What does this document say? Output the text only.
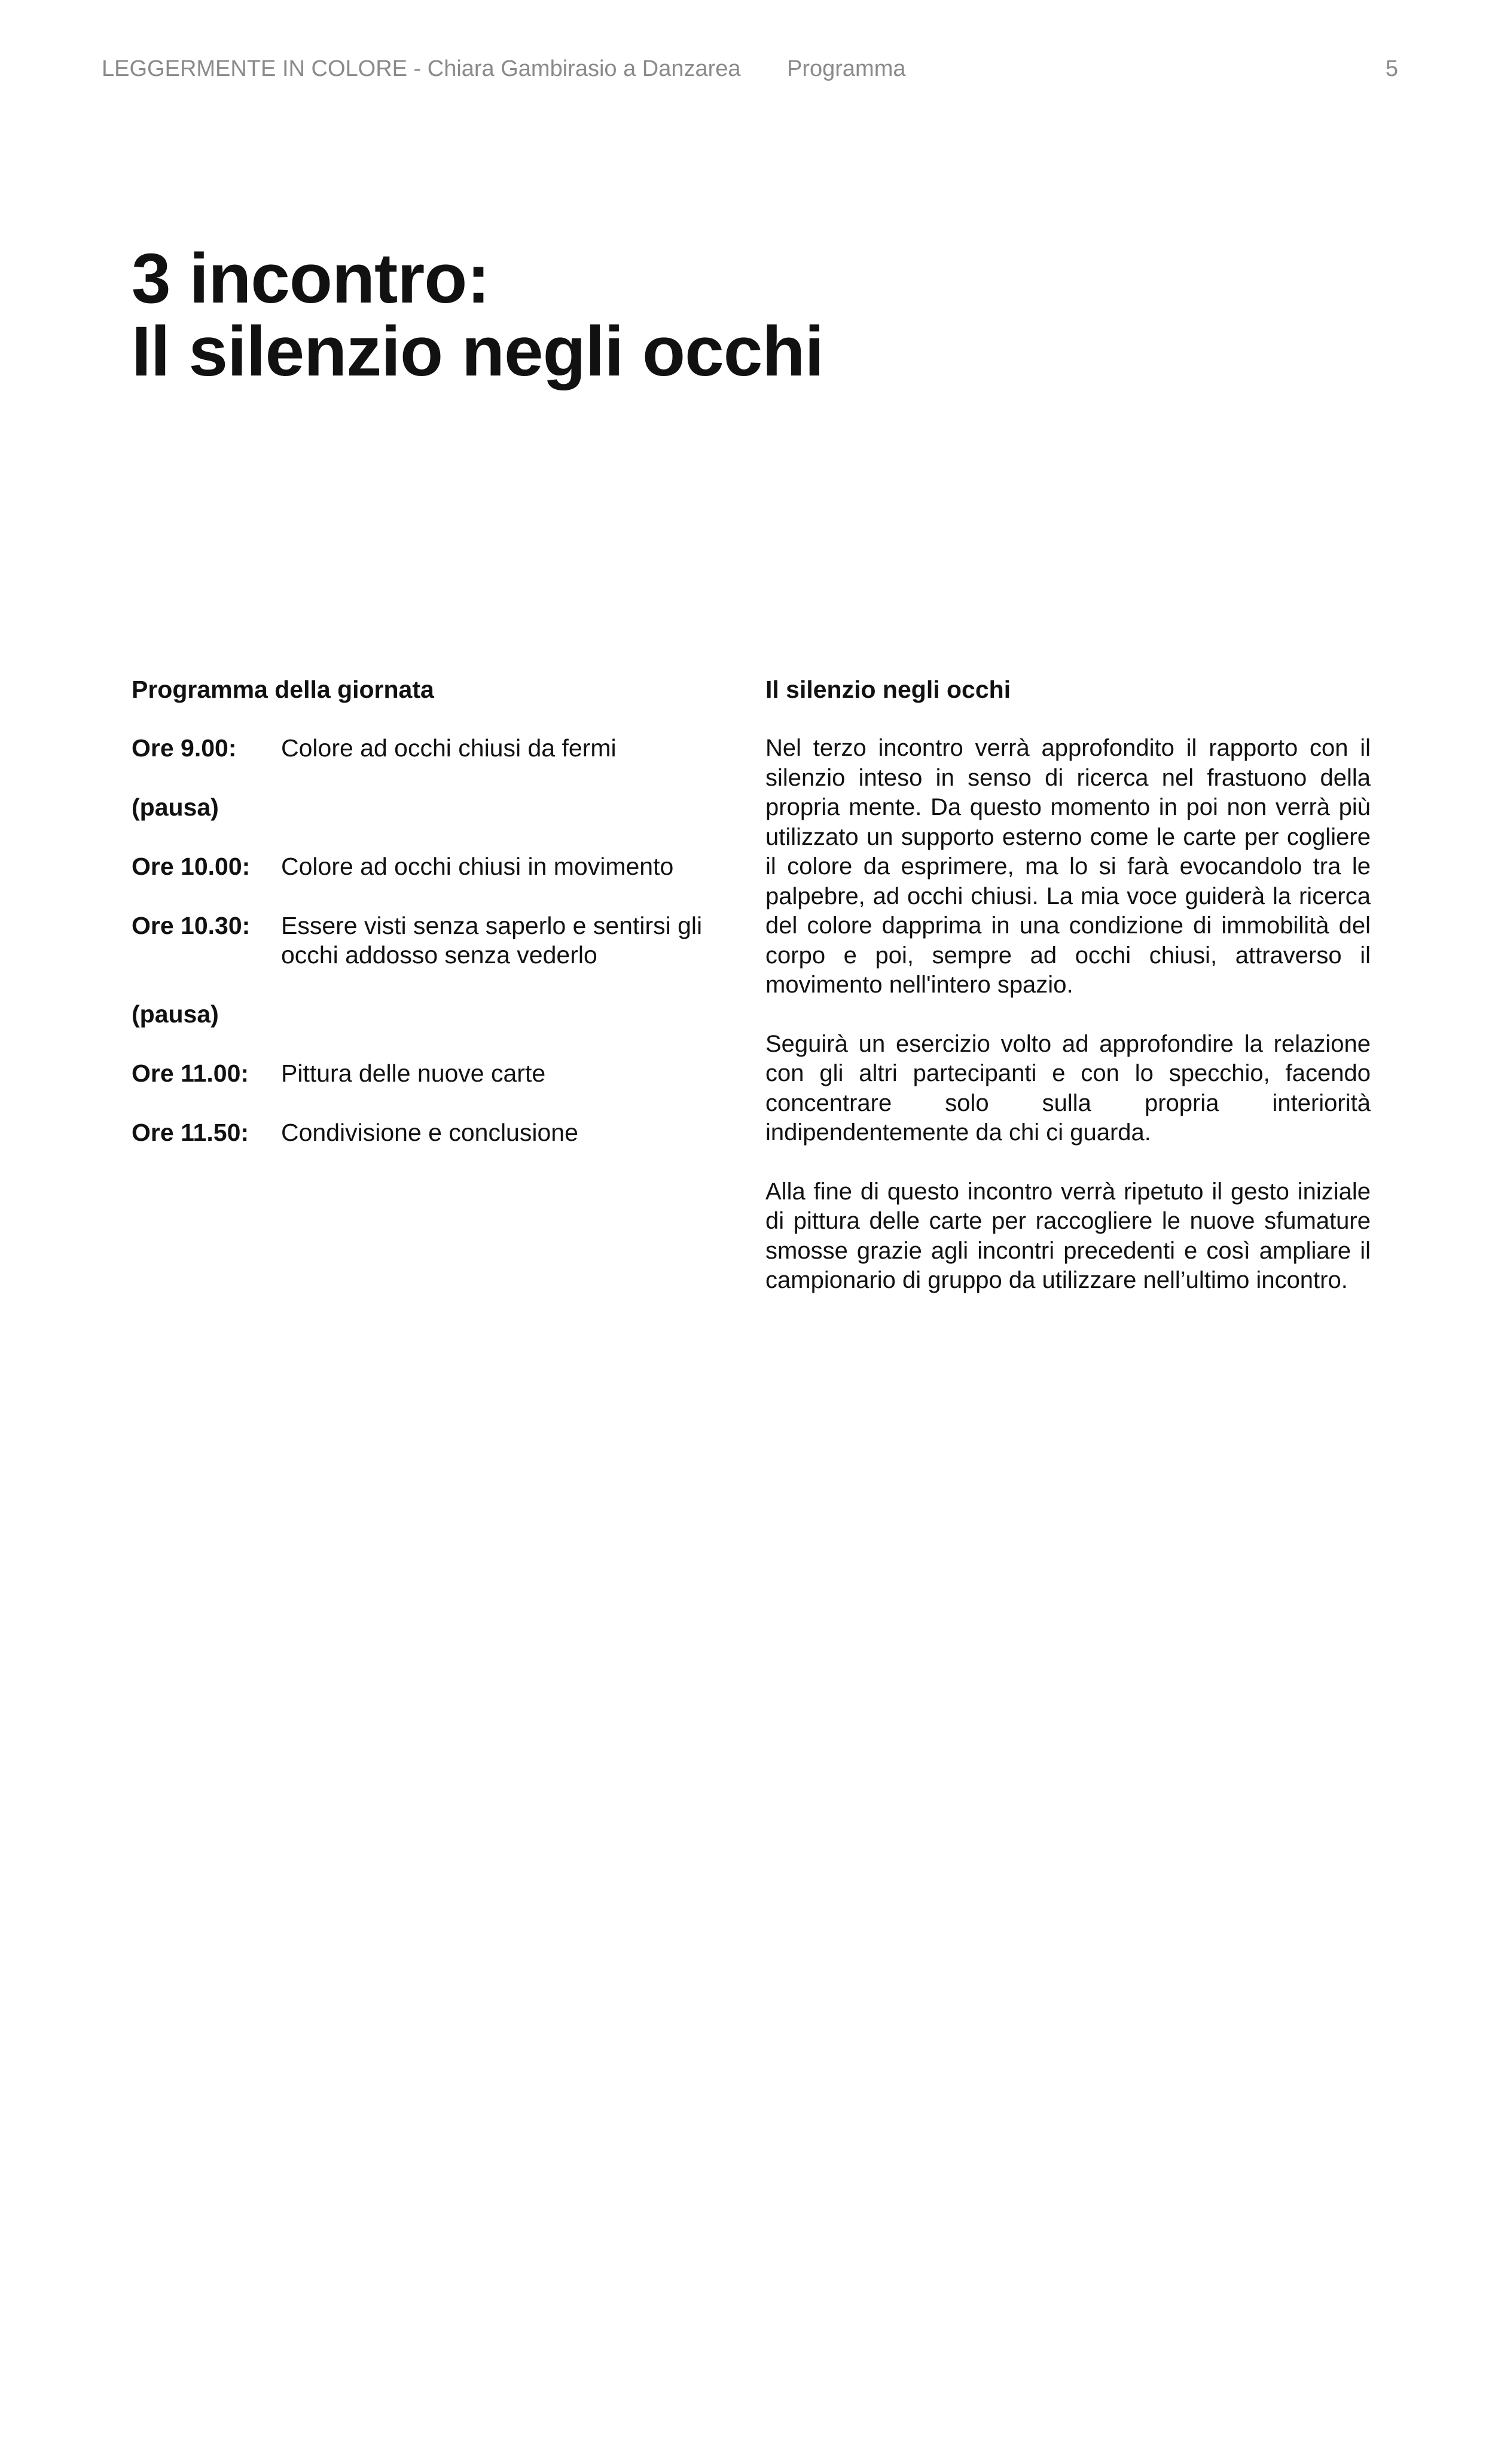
LEGGERMENTE IN COLORE - Chiara Gambirasio a Danzarea Programma	5
3 incontro:
Il silenzio negli occhi
Programma della giornata
Ore 9.00:	Colore ad occhi chiusi da fermi
(pausa)
Ore 10.00:	Colore ad occhi chiusi in movimento
Ore 10.30:	Essere visti senza saperlo e sentirsi gli occhi addosso senza vederlo
(pausa)
Ore 11.00:	Pittura delle nuove carte
Ore 11.50:	Condivisione e conclusione
Il silenzio negli occhi

Nel terzo incontro verrà approfondito il rapporto con il silenzio inteso in senso di ricerca nel frastuono della propria mente. Da questo momento in poi non verrà più utilizzato un supporto esterno come le carte per cogliere il colore da esprimere, ma lo si farà evocandolo tra le palpebre, ad occhi chiusi. La mia voce guiderà la ricerca del colore dapprima in una condizione di immobilità del corpo e poi, sempre ad occhi chiusi, attraverso il movimento nell'intero spazio.

Seguirà un esercizio volto ad approfondire la relazione con gli altri partecipanti e con lo specchio, facendo concentrare solo sulla propria interiorità indipendentemente da chi ci guarda.

Alla fine di questo incontro verrà ripetuto il gesto iniziale di pittura delle carte per raccogliere le nuove sfumature smosse grazie agli incontri precedenti e così ampliare il campionario di gruppo da utilizzare nell’ultimo incontro.
